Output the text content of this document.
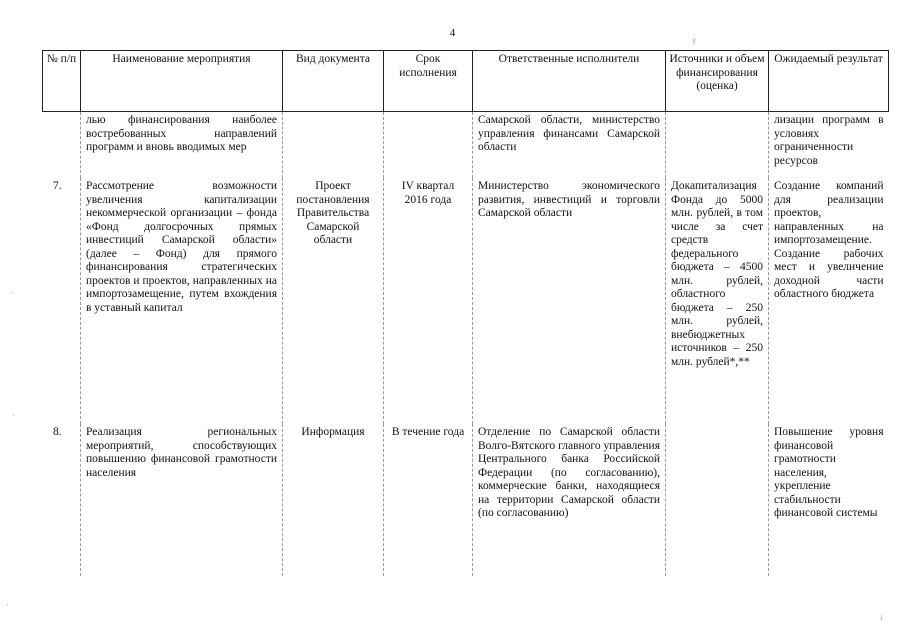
4
№ п/п	Наименование мероприятия	Вид документа	Срок исполнения	Ответственные исполнители	Источники и объем финансирования (оценка)	Ожидаемый результат
	лью финансирования наиболее востребованных направлений программ и вновь вводимых мер			Самарской области, министерство управления финансами Самарской области		лизации программ в условиях ограниченности ресурсов
7.	Рассмотрение возможности увеличения капитализации некоммерческой организации – фонда «Фонд долгосрочных прямых инвестиций Самарской области» (далее – Фонд) для прямого финансирования стратегических проектов и проектов, направленных на импортозамещение, путем вхождения в уставный капитал	Проект постановления Правительства Самарской области	IV квартал 2016 года	Министерство экономического развития, инвестиций и торговли Самарской области	Докапитализация Фонда до 5000 млн. рублей, в том числе за счет средств федерального бюджета – 4500 млн. рублей, областного бюджета – 250 млн. рублей, внебюджетных источников – 250 млн. рублей*,**	Создание компаний для реализации проектов, направленных на импортозамещение. Создание рабочих мест и увеличение доходной части областного бюджета
8.	Реализация региональных мероприятий, способствующих повышению финансовой грамотности населения	Информация	В течение года	Отделение по Самарской области Волго-Вятского главного управления Центрального банка Российской Федерации (по согласованию), коммерческие банки, находящиеся на территории Самарской области (по согласованию)		Повышение уровня финансовой грамотности населения, укрепление стабильности финансовой системы
ℓ
·
·
·
ı
